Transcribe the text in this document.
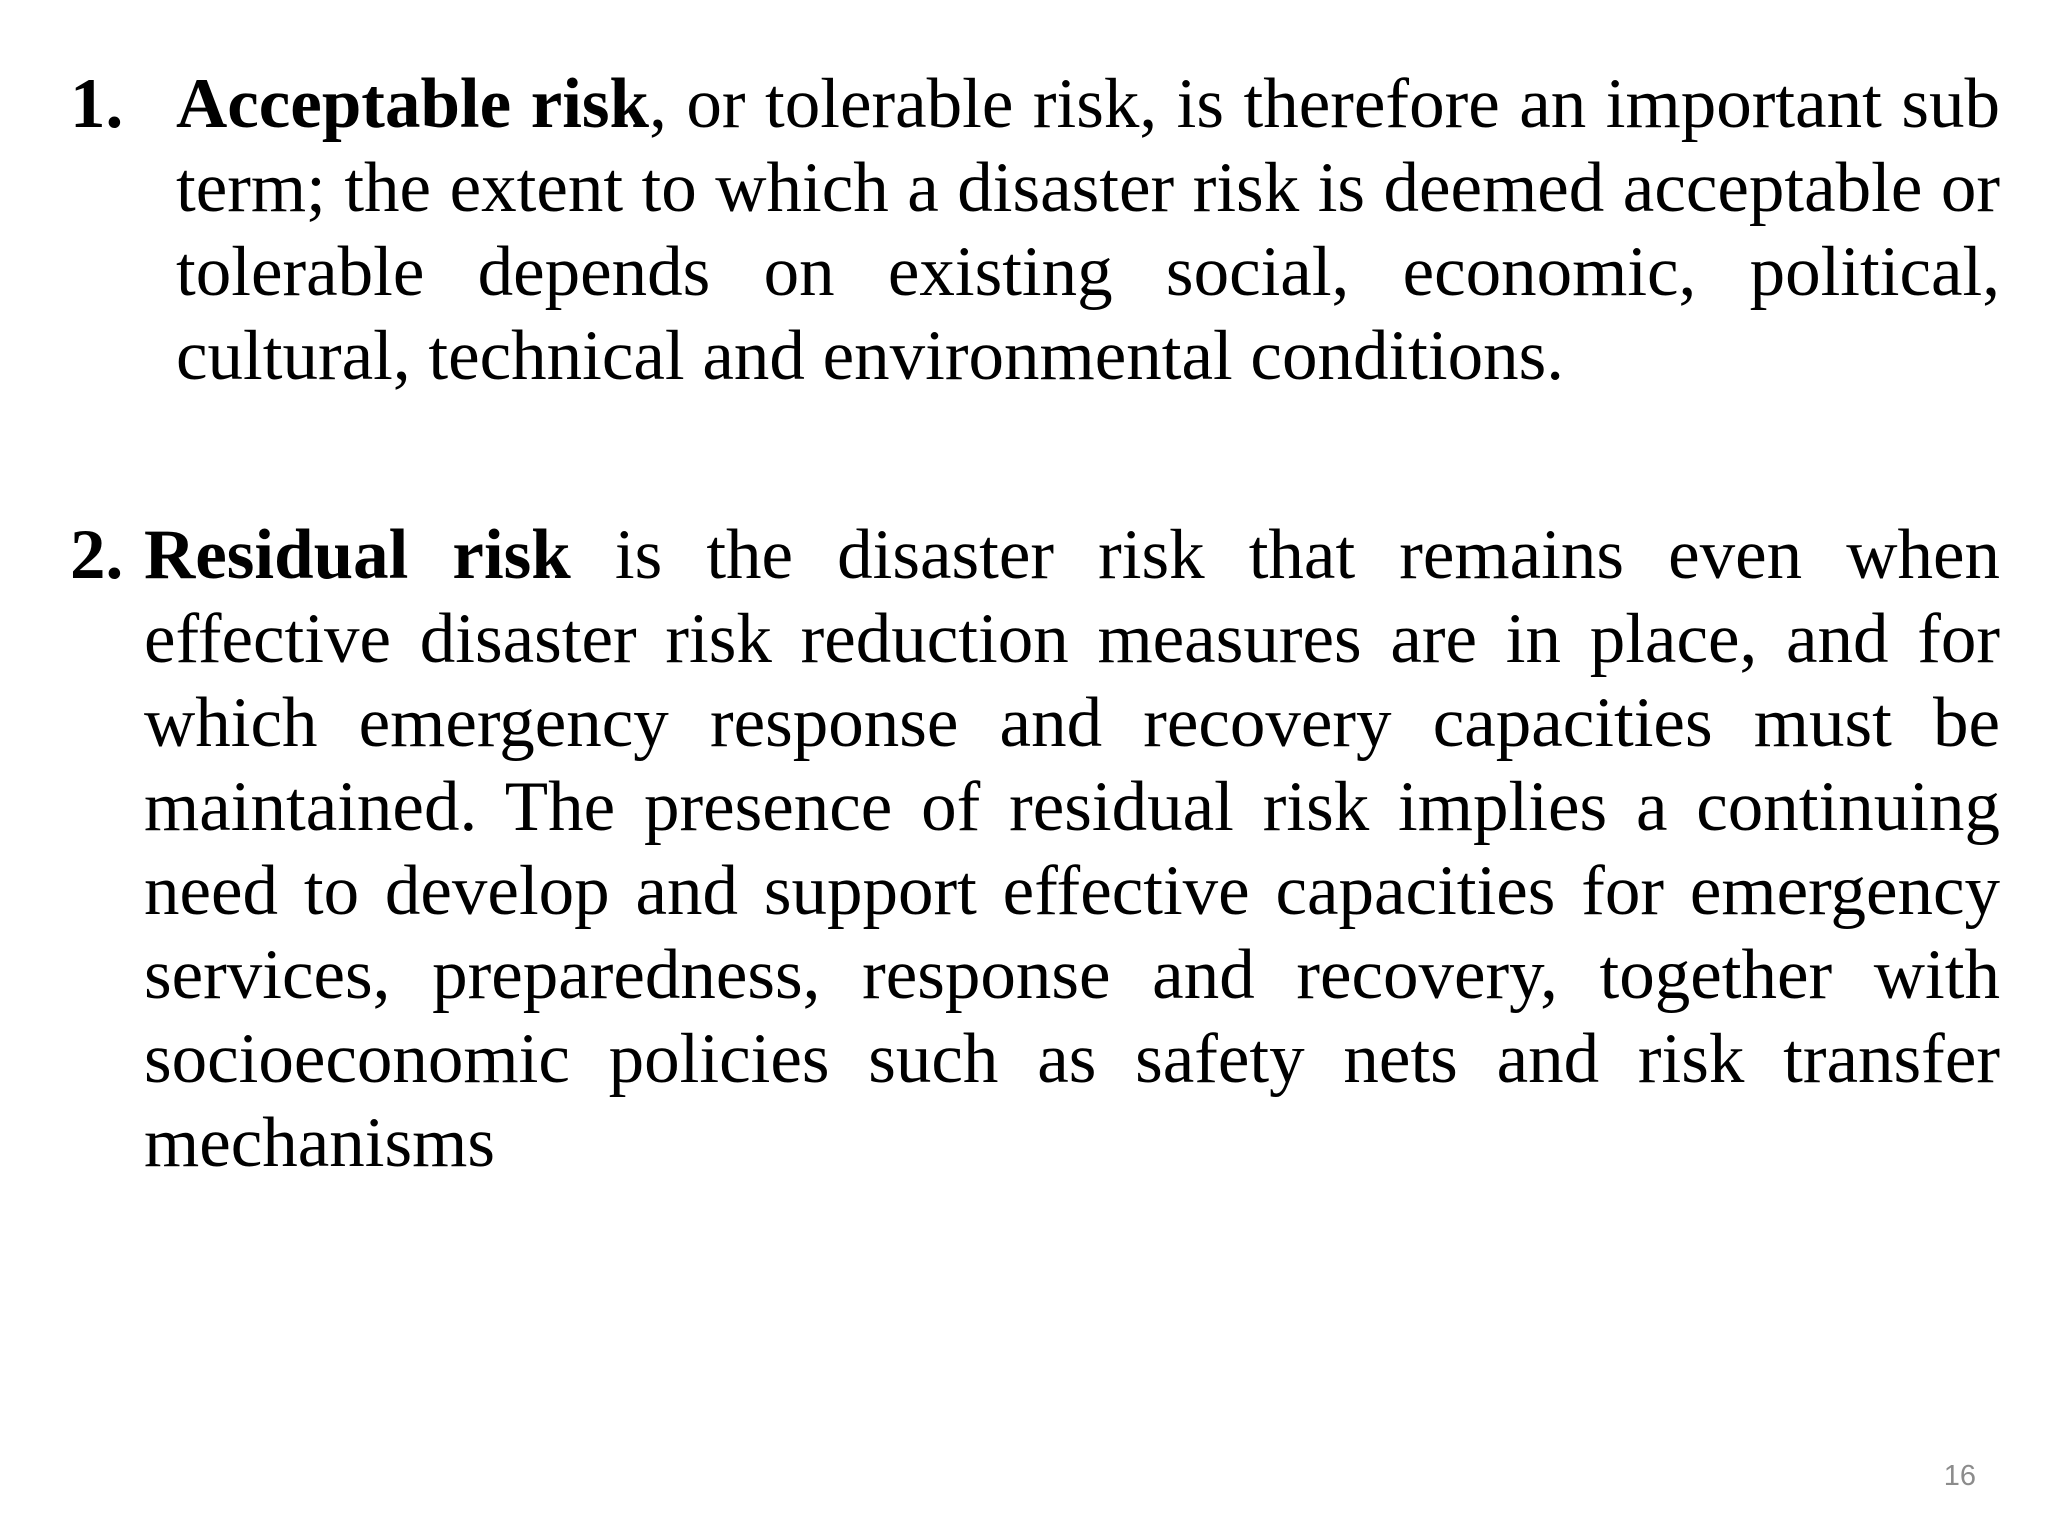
1. Acceptable risk, or tolerable risk, is therefore an important sub term; the extent to which a disaster risk is deemed acceptable or tolerable depends on existing social, economic, political, cultural, technical and environmental conditions.
2. Residual risk is the disaster risk that remains even when effective disaster risk reduction measures are in place, and for which emergency response and recovery capacities must be maintained. The presence of residual risk implies a continuing need to develop and support effective capacities for emergency services, preparedness, response and recovery, together with socioeconomic policies such as safety nets and risk transfer mechanisms
16
